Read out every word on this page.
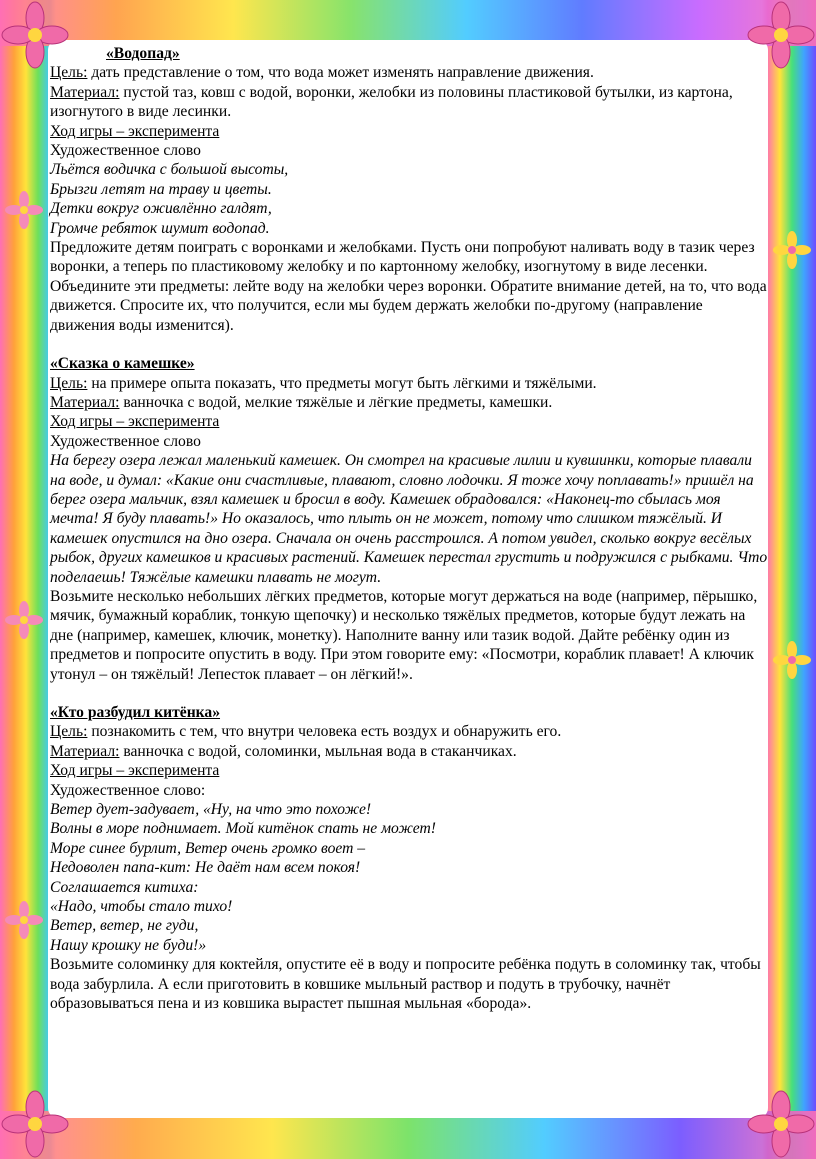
«Водопад»

Цель: дать представление о том, что вода может изменять направление движения.

Материал: пустой таз, ковш с водой, воронки, желобки из половины пластиковой бутылки, из картона, изогнутого в виде лесинки.

Ход игры – эксперимента

Художественное слово

Льётся водичка с большой высоты,

Брызги летят на траву и цветы.

Детки вокруг оживлённо галдят,

Громче ребяток шумит водопад.

Предложите детям поиграть с воронками и желобками. Пусть они попробуют наливать воду в тазик через воронки, а теперь по пластиковому желобку и по картонному желобку, изогнутому в виде лесенки. Объедините эти предметы: лейте воду на желобки через воронки. Обратите внимание детей, на то, что вода движется. Спросите их, что получится, если мы будем держать желобки по-другому (направление движения воды изменится).

«Сказка о камешке»

Цель: на примере опыта показать, что предметы могут быть лёгкими и тяжёлыми.

Материал: ванночка с водой, мелкие тяжёлые и лёгкие предметы, камешки.

Ход игры – эксперимента

Художественное слово

На берегу озера лежал маленький камешек. Он смотрел на красивые лилии и кувшинки, которые плавали на воде, и думал: «Какие они счастливые, плавают, словно лодочки. Я тоже хочу поплавать!» пришёл на берег озера мальчик, взял камешек и бросил в воду. Камешек обрадовался: «Наконец-то сбылась моя мечта! Я буду плавать!» Но оказалось, что плыть он не может, потому что слишком тяжёлый. И камешек опустился на дно озера. Сначала он очень расстроился. А потом увидел, сколько вокруг весёлых рыбок, других камешков и красивых растений. Камешек перестал грустить и подружился с рыбками. Что поделаешь! Тяжёлые камешки плавать не могут.

Возьмите несколько небольших лёгких предметов, которые могут держаться на воде (например, пёрышко, мячик, бумажный кораблик, тонкую щепочку) и несколько тяжёлых предметов, которые будут лежать на дне (например, камешек, ключик, монетку). Наполните ванну или тазик водой. Дайте ребёнку один из предметов и попросите опустить в воду. При этом говорите ему: «Посмотри, кораблик плавает! А ключик утонул – он тяжёлый! Лепесток плавает – он лёгкий!».

«Кто разбудил китёнка»

Цель: познакомить с тем, что внутри человека есть воздух и обнаружить его.

Материал: ванночка с водой, соломинки, мыльная вода в стаканчиках.

Ход игры – эксперимента

Художественное слово:

Ветер дует-задувает, «Ну, на что это похоже!

Волны в море поднимает. Мой китёнок спать не может!

Море синее бурлит, Ветер очень громко воет –

Недоволен папа-кит: Не даёт нам всем покоя!

Соглашается китиха:

«Надо, чтобы стало тихо!

Ветер, ветер, не гуди,

Нашу крошку не буди!»

Возьмите соломинку для коктейля, опустите её в воду и попросите ребёнка подуть в соломинку так, чтобы вода забурлила. А если приготовить в ковшике мыльный раствор и подуть в трубочку, начнёт образовываться пена и из ковшика вырастет пышная мыльная «борода».
